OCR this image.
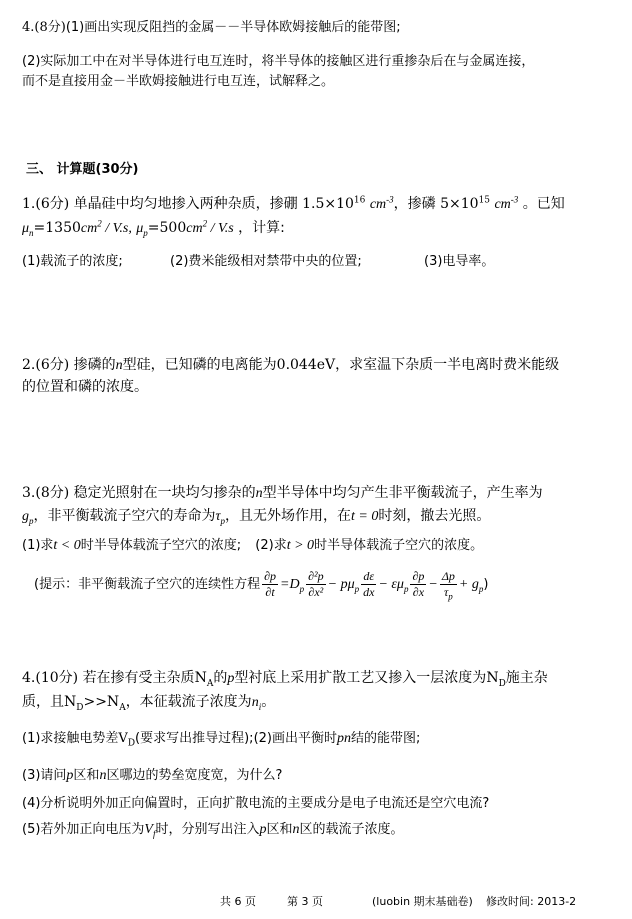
4.(8分)(1)画出实现反阻挡的金属－－半导体欧姆接触后的能带图;
(2)实际加工中在对半导体进行电互连时，将半导体的接触区进行重掺杂后在与金属连接，
而不是直接用金－半欧姆接触进行电互连，试解释之。
三、 计算题(30分)
1.(6分) 单晶硅中均匀地掺入两种杂质，掺硼 $1.5\times 10^{16}$ $cm^{-3}$，掺磷 $5\times 10^{15}$ $cm^{-3}$ 。已知
$\mu_n=1350cm^2 / V.s$, $\mu_p=500cm^2 / V.s$ ，计算:
(1)载流子的浓度;	(2)费米能级相对禁带中央的位置;	(3)电导率。
2.(6分) 掺磷的n型硅，已知磷的电离能为0.044eV，求室温下杂质一半电离时费米能级
的位置和磷的浓度。
3.(8分) 稳定光照射在一块均匀掺杂的n型半导体中均匀产生非平衡载流子，产生率为
$g_p$，非平衡载流子空穴的寿命为$\tau_p$，且无外场作用，在t = 0时刻，撤去光照。
(1)求t < 0时半导体载流子空穴的浓度; (2)求t > 0时半导体载流子空穴的浓度。
(提示：非平衡载流子空穴的连续性方程 $\frac{\partial p}{\partial t} =D_p \frac{\text{∂²p}}{\text{∂x²}} - p\mu_p \frac{d\varepsilon}{dx} - \varepsilon\mu_p \frac{\partial p}{\partial x} - \frac{\Delta p}{\tau_p} + g_p$)
4.(10分) 若在掺有受主杂质$N_A$的p型衬底上采用扩散工艺又掺入一层浓度为$N_D$施主杂
质，且$N_D>>N_A$，本征载流子浓度为$n_i$。
(1)求接触电势差$V_D$(要求写出推导过程);(2)画出平衡时pn结的能带图;
(3)请问p区和n区哪边的势垒宽度宽，为什么?
(4)分析说明外加正向偏置时，正向扩散电流的主要成分是电子电流还是空穴电流?
(5)若外加正向电压为$V_f$时，分别写出注入p区和n区的载流子浓度。
共 6 页	第 3 页	(luobin 期末基础卷) 修改时间: 2013-2
